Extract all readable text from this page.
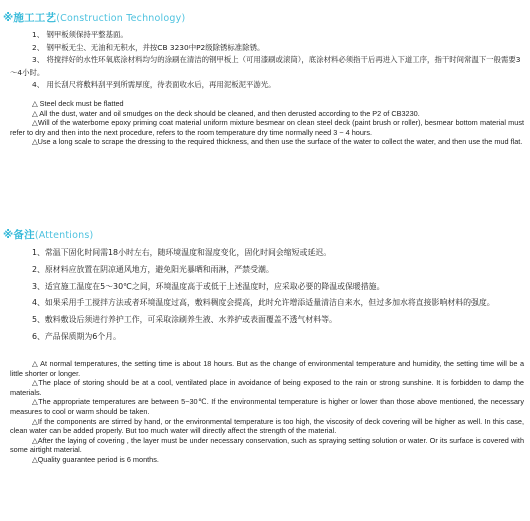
※施工工艺(Construction Technology)
1、 钢甲板须保持平整基面。
2、 钢甲板无尘、无油和无积水，并按CB 3230中P2级除锈标准除锈。
3、 将搅拌好的水性环氧底涂材料均匀的涂刷在清洁的钢甲板上（可用漆刷或滚筒），底涂材料必须指干后再进入下道工序，指干时间常温下一般需要3～4小时。
4、 用长刮尺将敷料刮平到所需厚度，待表面收水后，再用泥板泥平游光。

△ Steel deck must be flatted

△ All the dust, water and oil smudges on the deck should be cleaned, and then derusted according to the P2 of CB3230.

△Will of the waterborne epoxy priming coat material uniform mixture besmear on clean steel deck (paint brush or roller), besmear bottom material must refer to dry and then into the next procedure, refers to the room temperature dry time normally need 3 ~ 4 hours.

△Use a long scale to scrape the dressing to the required thickness, and then use the surface of the water to collect the water, and then use the mud flat.

※备注(Attentions)
1、常温下固化时间需18小时左右，随环境温度和湿度变化，固化时间会缩短或延迟。
2、原材料应放置在阴凉通风地方，避免阳光暴晒和雨淋，严禁受潮。
3、适宜施工温度在5～30℃之间，环境温度高于或低于上述温度时，应采取必要的降温或保暖措施。
4、如果采用手工搅拌方法或者环境温度过高，敷料稠度会提高，此时允许增添适量清洁自来水，但过多加水将直接影响材料的强度。
5、敷料敷设后须进行养护工作，可采取涂刷养生液、水养护或表面覆盖不透气材料等。
6、产品保质期为6个月。

△ At normal temperatures, the setting time is about 18 hours. But as the change of environmental temperature and humidity, the setting time will be a little shorter or longer.

△The place of storing should be at a cool, ventilated place in avoidance of being exposed to the rain or strong sunshine. It is forbidden to damp the materials.

△The appropriate temperatures are between 5~30℃. If the environmental temperature is higher or lower than those above mentioned, the necessary measures to cool or warm should be taken.

△If the components are stirred by hand, or the environmental temperature is too high, the viscosity of deck covering will be higher as well. In this case, clean water can be added properly. But too much water will directly affect the strength of the material.

△After the laying of covering , the layer must be under necessary conservation, such as spraying setting solution or water. Or its surface is covered with some airtight material.

△Quality guarantee period is 6 months.
